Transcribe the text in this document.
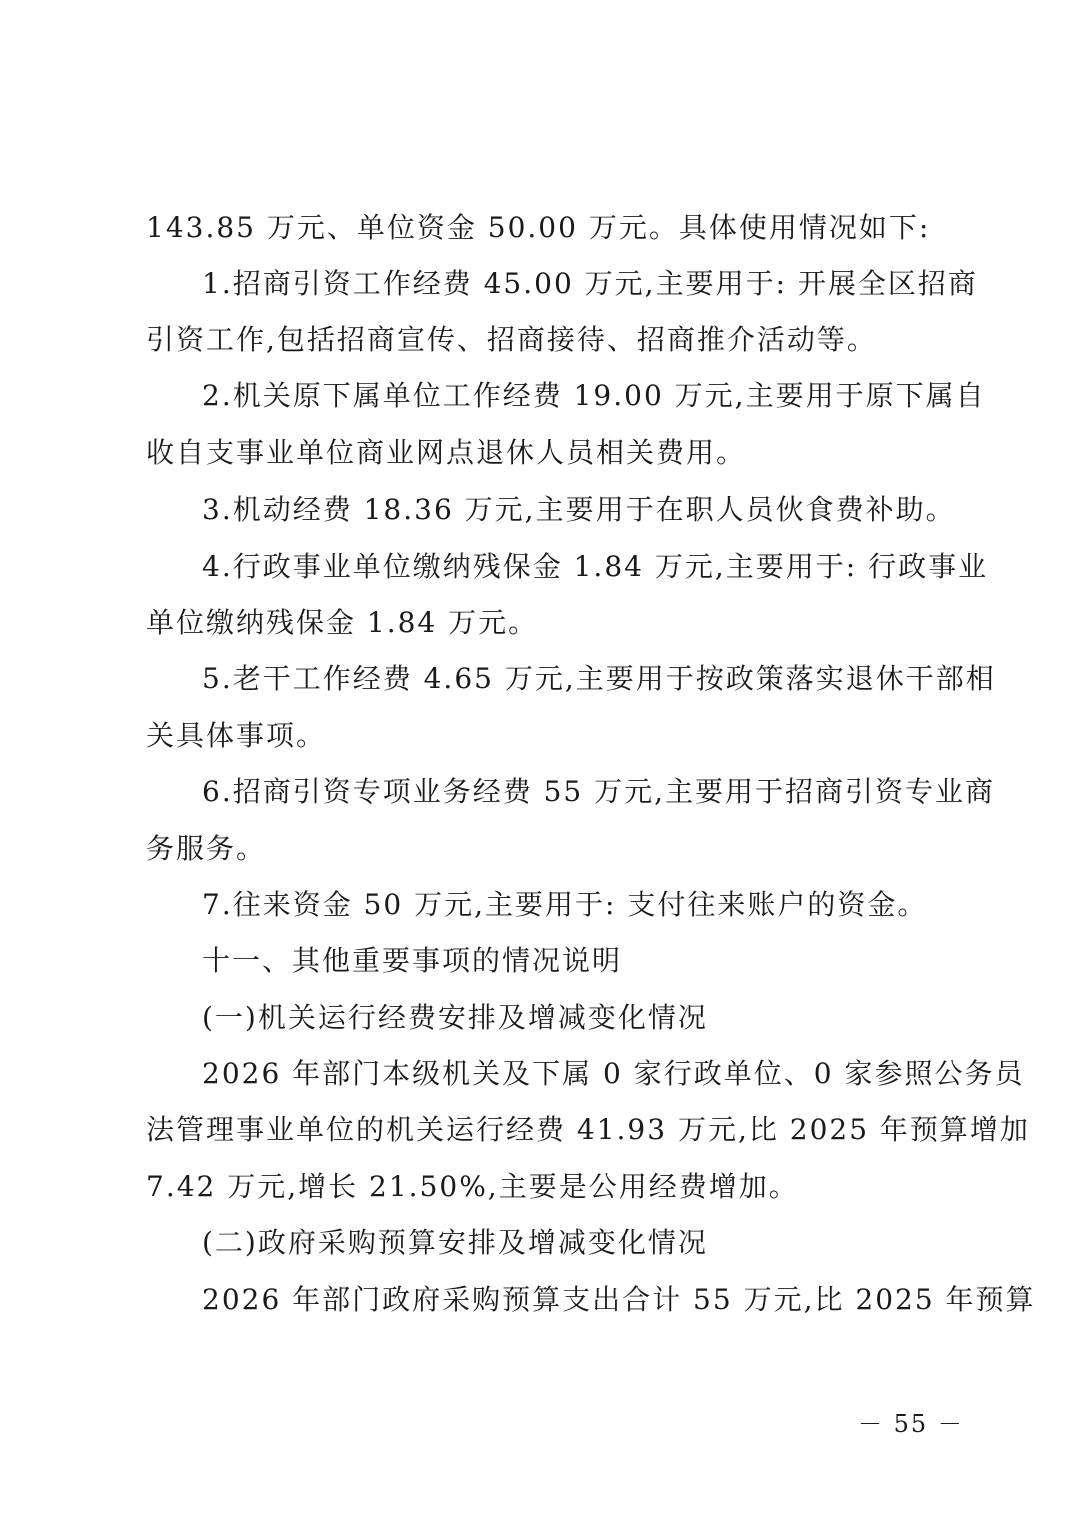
143.85 万元、单位资金 50.00 万元。具体使用情况如下:
1.招商引资工作经费 45.00 万元,主要用于: 开展全区招商
引资工作,包括招商宣传、招商接待、招商推介活动等。
2.机关原下属单位工作经费 19.00 万元,主要用于原下属自
收自支事业单位商业网点退休人员相关费用。
3.机动经费 18.36 万元,主要用于在职人员伙食费补助。
4.行政事业单位缴纳残保金 1.84 万元,主要用于: 行政事业
单位缴纳残保金 1.84 万元。
5.老干工作经费 4.65 万元,主要用于按政策落实退休干部相
关具体事项。
6.招商引资专项业务经费 55 万元,主要用于招商引资专业商
务服务。
7.往来资金 50 万元,主要用于: 支付往来账户的资金。
十一、其他重要事项的情况说明
(一)机关运行经费安排及增减变化情况
2026 年部门本级机关及下属 0 家行政单位、0 家参照公务员
法管理事业单位的机关运行经费 41.93 万元,比 2025 年预算增加
7.42 万元,增长 21.50%,主要是公用经费增加。
(二)政府采购预算安排及增减变化情况
2026 年部门政府采购预算支出合计 55 万元,比 2025 年预算
－ 55 －
